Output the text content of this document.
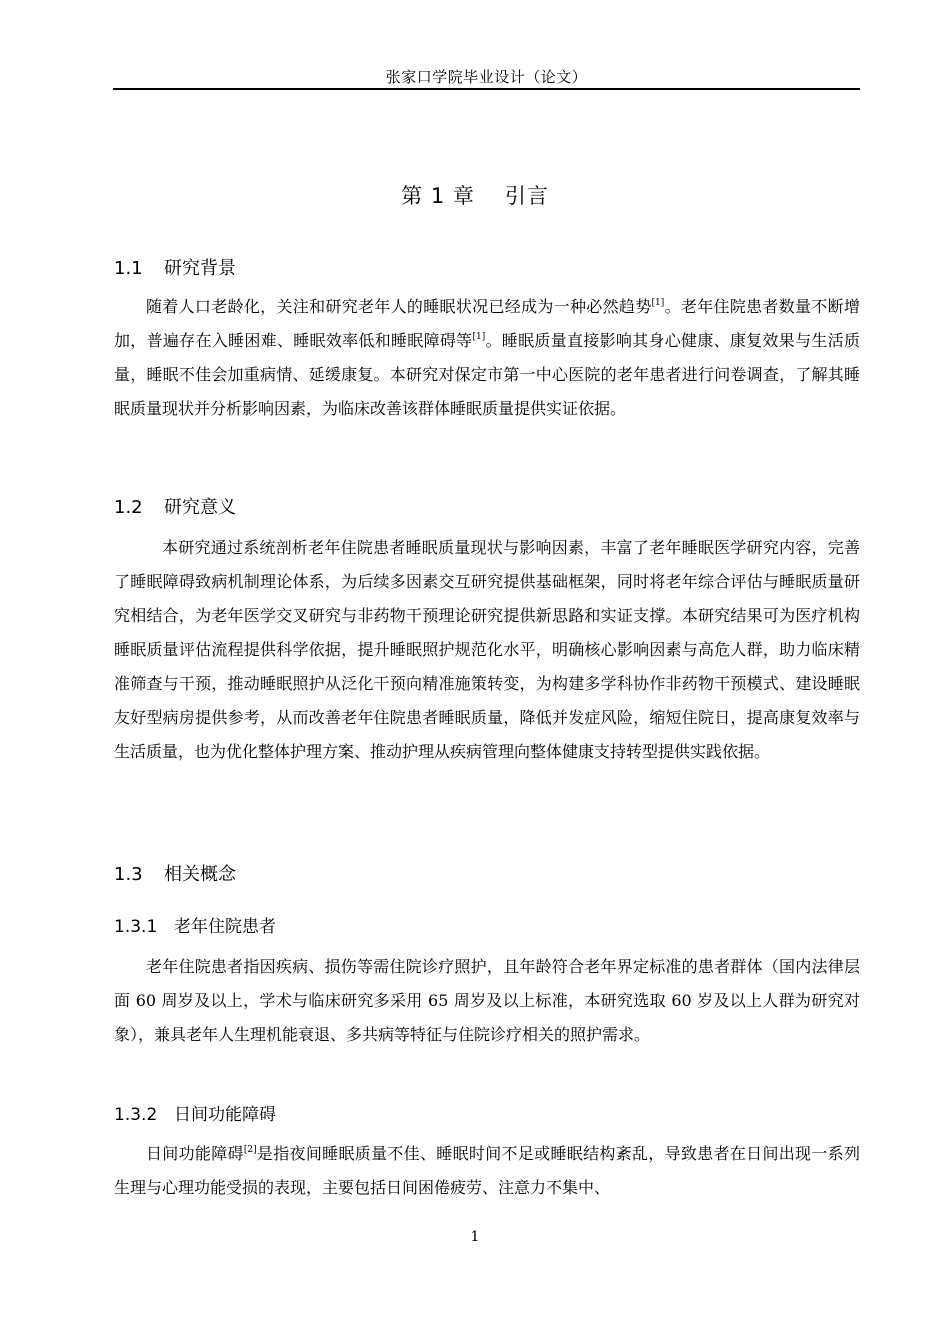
张家口学院毕业设计（论文）
第 1 章 引言
1.1 研究背景

随着人口老龄化，关注和研究老年人的睡眠状况已经成为一种必然趋势[1]。老年住院患者数量不断增加，普遍存在入睡困难、睡眠效率低和睡眠障碍等[1]。睡眠质量直接影响其身心健康、康复效果与生活质量，睡眠不佳会加重病情、延缓康复。本研究对保定市第一中心医院的老年患者进行问卷调查，了解其睡眠质量现状并分析影响因素，为临床改善该群体睡眠质量提供实证依据。

1.2 研究意义

本研究通过系统剖析老年住院患者睡眠质量现状与影响因素，丰富了老年睡眠医学研究内容，完善了睡眠障碍致病机制理论体系，为后续多因素交互研究提供基础框架，同时将老年综合评估与睡眠质量研究相结合，为老年医学交叉研究与非药物干预理论研究提供新思路和实证支撑。本研究结果可为医疗机构睡眠质量评估流程提供科学依据，提升睡眠照护规范化水平，明确核心影响因素与高危人群，助力临床精准筛查与干预，推动睡眠照护从泛化干预向精准施策转变，为构建多学科协作非药物干预模式、建设睡眠友好型病房提供参考，从而改善老年住院患者睡眠质量，降低并发症风险，缩短住院日，提高康复效率与生活质量，也为优化整体护理方案、推动护理从疾病管理向整体健康支持转型提供实践依据。

1.3 相关概念
1.3.1 老年住院患者

老年住院患者指因疾病、损伤等需住院诊疗照护，且年龄符合老年界定标准的患者群体（国内法律层面 60 周岁及以上，学术与临床研究多采用 65 周岁及以上标准，本研究选取 60 岁及以上人群为研究对象），兼具老年人生理机能衰退、多共病等特征与住院诊疗相关的照护需求。

1.3.2 日间功能障碍

日间功能障碍[2]是指夜间睡眠质量不佳、睡眠时间不足或睡眠结构紊乱，导致患者在日间出现一系列生理与心理功能受损的表现，主要包括日间困倦疲劳、注意力不集中、

1
